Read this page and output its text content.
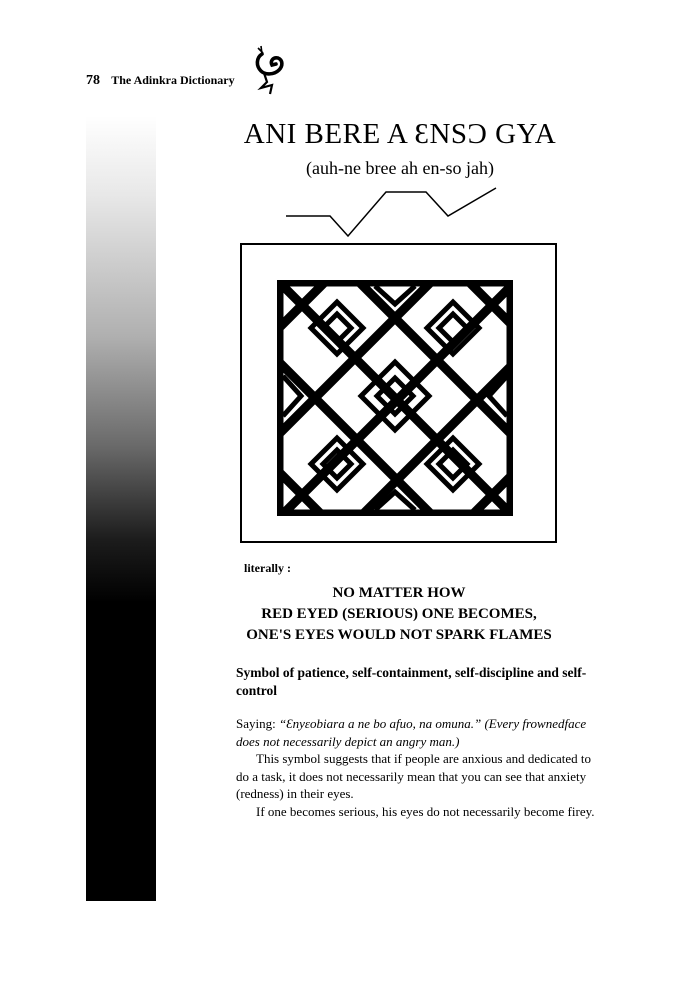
78 The Adinkra Dictionary
ANI BERE A ƐNSƆ GYA
(auh-ne bree ah en-so jah)
literally :
NO MATTER HOW
RED EYED (SERIOUS) ONE BECOMES,
ONE'S EYES WOULD NOT SPARK FLAMES
Symbol of patience, self-containment, self-discipline and self-control

Saying: “Ɛnyɛobiara a ne bo afuo, na omuna.” (Every frownedface does not necessarily depict an angry man.)

This symbol suggests that if people are anxious and dedicated to do a task, it does not necessarily mean that you can see that anxiety (redness) in their eyes.

If one becomes serious, his eyes do not necessarily become firey.
